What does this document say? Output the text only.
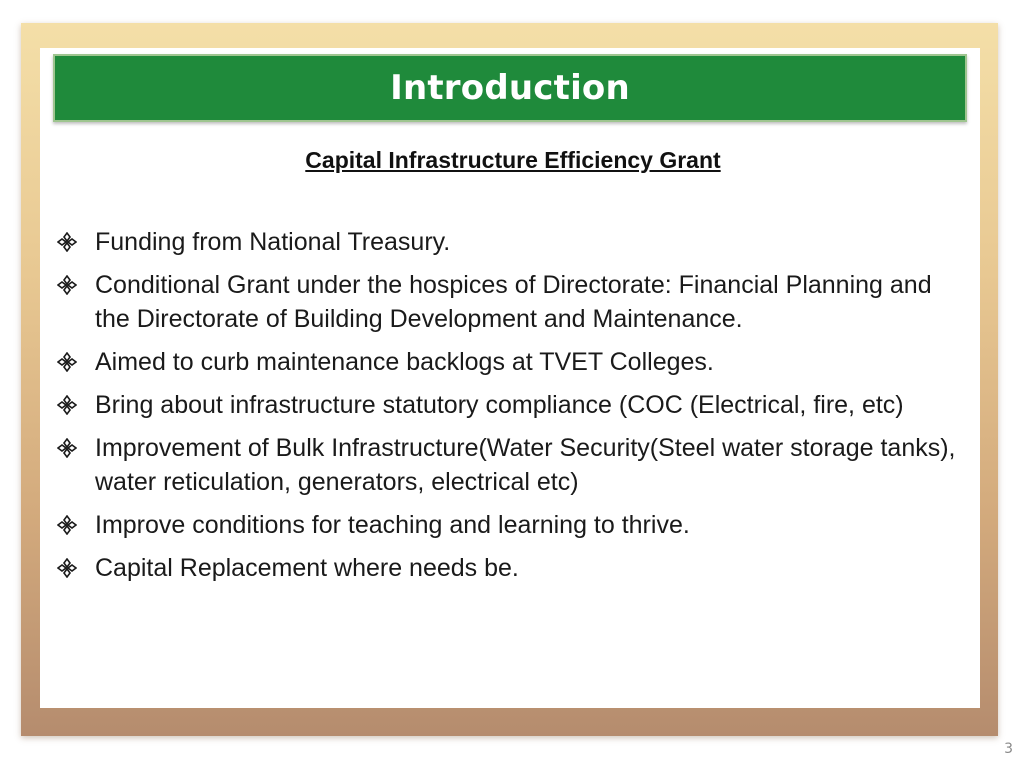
Introduction
Capital Infrastructure Efficiency Grant
Funding from National Treasury.
Conditional Grant under the hospices of Directorate: Financial Planning and the Directorate of Building Development and Maintenance.
Aimed to curb maintenance backlogs at TVET Colleges.
Bring about infrastructure statutory compliance (COC (Electrical, fire, etc)
Improvement of Bulk Infrastructure(Water Security(Steel water storage tanks), water reticulation, generators, electrical etc)
Improve conditions for teaching and learning to thrive.
Capital Replacement where needs be.
3
